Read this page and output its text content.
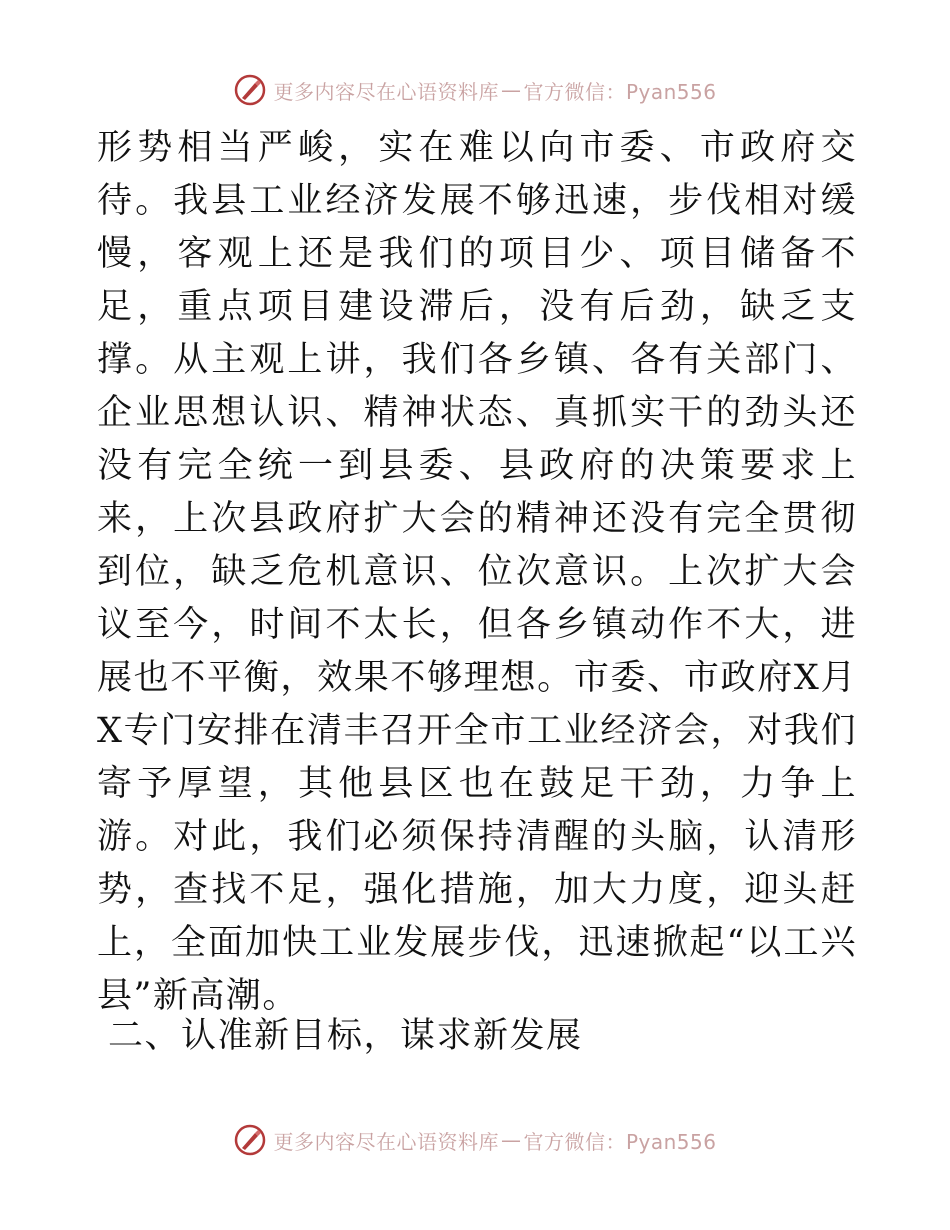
更多内容尽在心语资料库 — 官方微信：Pyan556

形势相当严峻，实在难以向市委、市政府交待。我县工业经济发展不够迅速，步伐相对缓慢，客观上还是我们的项目少、项目储备不足，重点项目建设滞后，没有后劲，缺乏支撑。从主观上讲，我们各乡镇、各有关部门、企业思想认识、精神状态、真抓实干的劲头还没有完全统一到县委、县政府的决策要求上来，上次县政府扩大会的精神还没有完全贯彻到位，缺乏危机意识、位次意识。上次扩大会议至今，时间不太长，但各乡镇动作不大，进展也不平衡，效果不够理想。市委、市政府X月X专门安排在清丰召开全市工业经济会，对我们寄予厚望，其他县区也在鼓足干劲，力争上游。对此，我们必须保持清醒的头脑，认清形势，查找不足，强化措施，加大力度，迎头赶上，全面加快工业发展步伐，迅速掀起“以工兴县”新高潮。

二、认准新目标，谋求新发展
更多内容尽在心语资料库 — 官方微信：Pyan556
